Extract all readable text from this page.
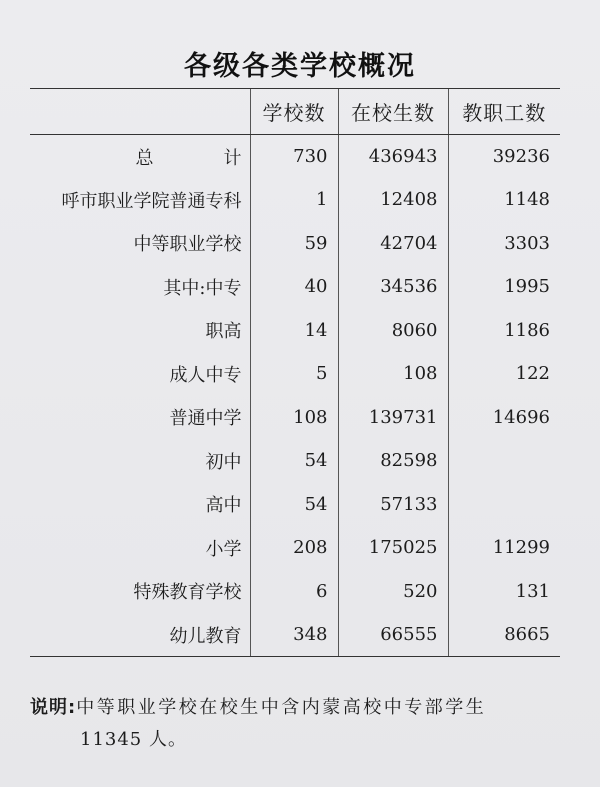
各级各类学校概况
	学校数	在校生数	教职工数
总　计	730	436943	39236
呼市职业学院普通专科	1	12408	1148
中等职业学校	59	42704	3303
其中:中专	40	34536	1995
职高	14	8060	1186
成人中专	5	108	122
普通中学	108	139731	14696
初中	54	82598	
高中	54	57133	
小学	208	175025	11299
特殊教育学校	6	520	131
幼儿教育	348	66555	8665
说明:中等职业学校在校生中含内蒙高校中专部学生
11345 人。
